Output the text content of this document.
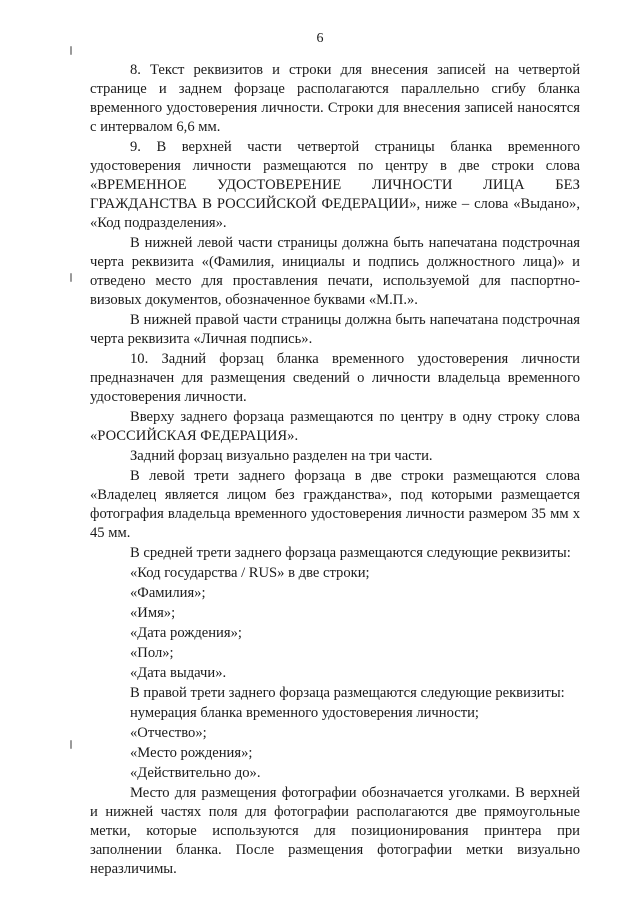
6

8. Текст реквизитов и строки для внесения записей на четвертой странице и заднем форзаце располагаются параллельно сгибу бланка временного удостоверения личности. Строки для внесения записей наносятся с интервалом 6,6 мм.

9. В верхней части четвертой страницы бланка временного удостоверения личности размещаются по центру в две строки слова «ВРЕМЕННОЕ УДОСТОВЕРЕНИЕ ЛИЧНОСТИ ЛИЦА БЕЗ ГРАЖДАНСТВА В РОССИЙСКОЙ ФЕДЕРАЦИИ», ниже – слова «Выдано», «Код подразделения».

В нижней левой части страницы должна быть напечатана подстрочная черта реквизита «(Фамилия, инициалы и подпись должностного лица)» и отведено место для проставления печати, используемой для паспортно-визовых документов, обозначенное буквами «М.П.».

В нижней правой части страницы должна быть напечатана подстрочная черта реквизита «Личная подпись».

10. Задний форзац бланка временного удостоверения личности предназначен для размещения сведений о личности владельца временного удостоверения личности.

Вверху заднего форзаца размещаются по центру в одну строку слова «РОССИЙСКАЯ ФЕДЕРАЦИЯ».

Задний форзац визуально разделен на три части.

В левой трети заднего форзаца в две строки размещаются слова «Владелец является лицом без гражданства», под которыми размещается фотография владельца временного удостоверения личности размером 35 мм х 45 мм.

В средней трети заднего форзаца размещаются следующие реквизиты:

«Код государства / RUS» в две строки;

«Фамилия»;

«Имя»;

«Дата рождения»;

«Пол»;

«Дата выдачи».

В правой трети заднего форзаца размещаются следующие реквизиты:

нумерация бланка временного удостоверения личности;

«Отчество»;

«Место рождения»;

«Действительно до».

Место для размещения фотографии обозначается уголками. В верхней и нижней частях поля для фотографии располагаются две прямоугольные метки, которые используются для позиционирования принтера при заполнении бланка. После размещения фотографии метки визуально неразличимы.
